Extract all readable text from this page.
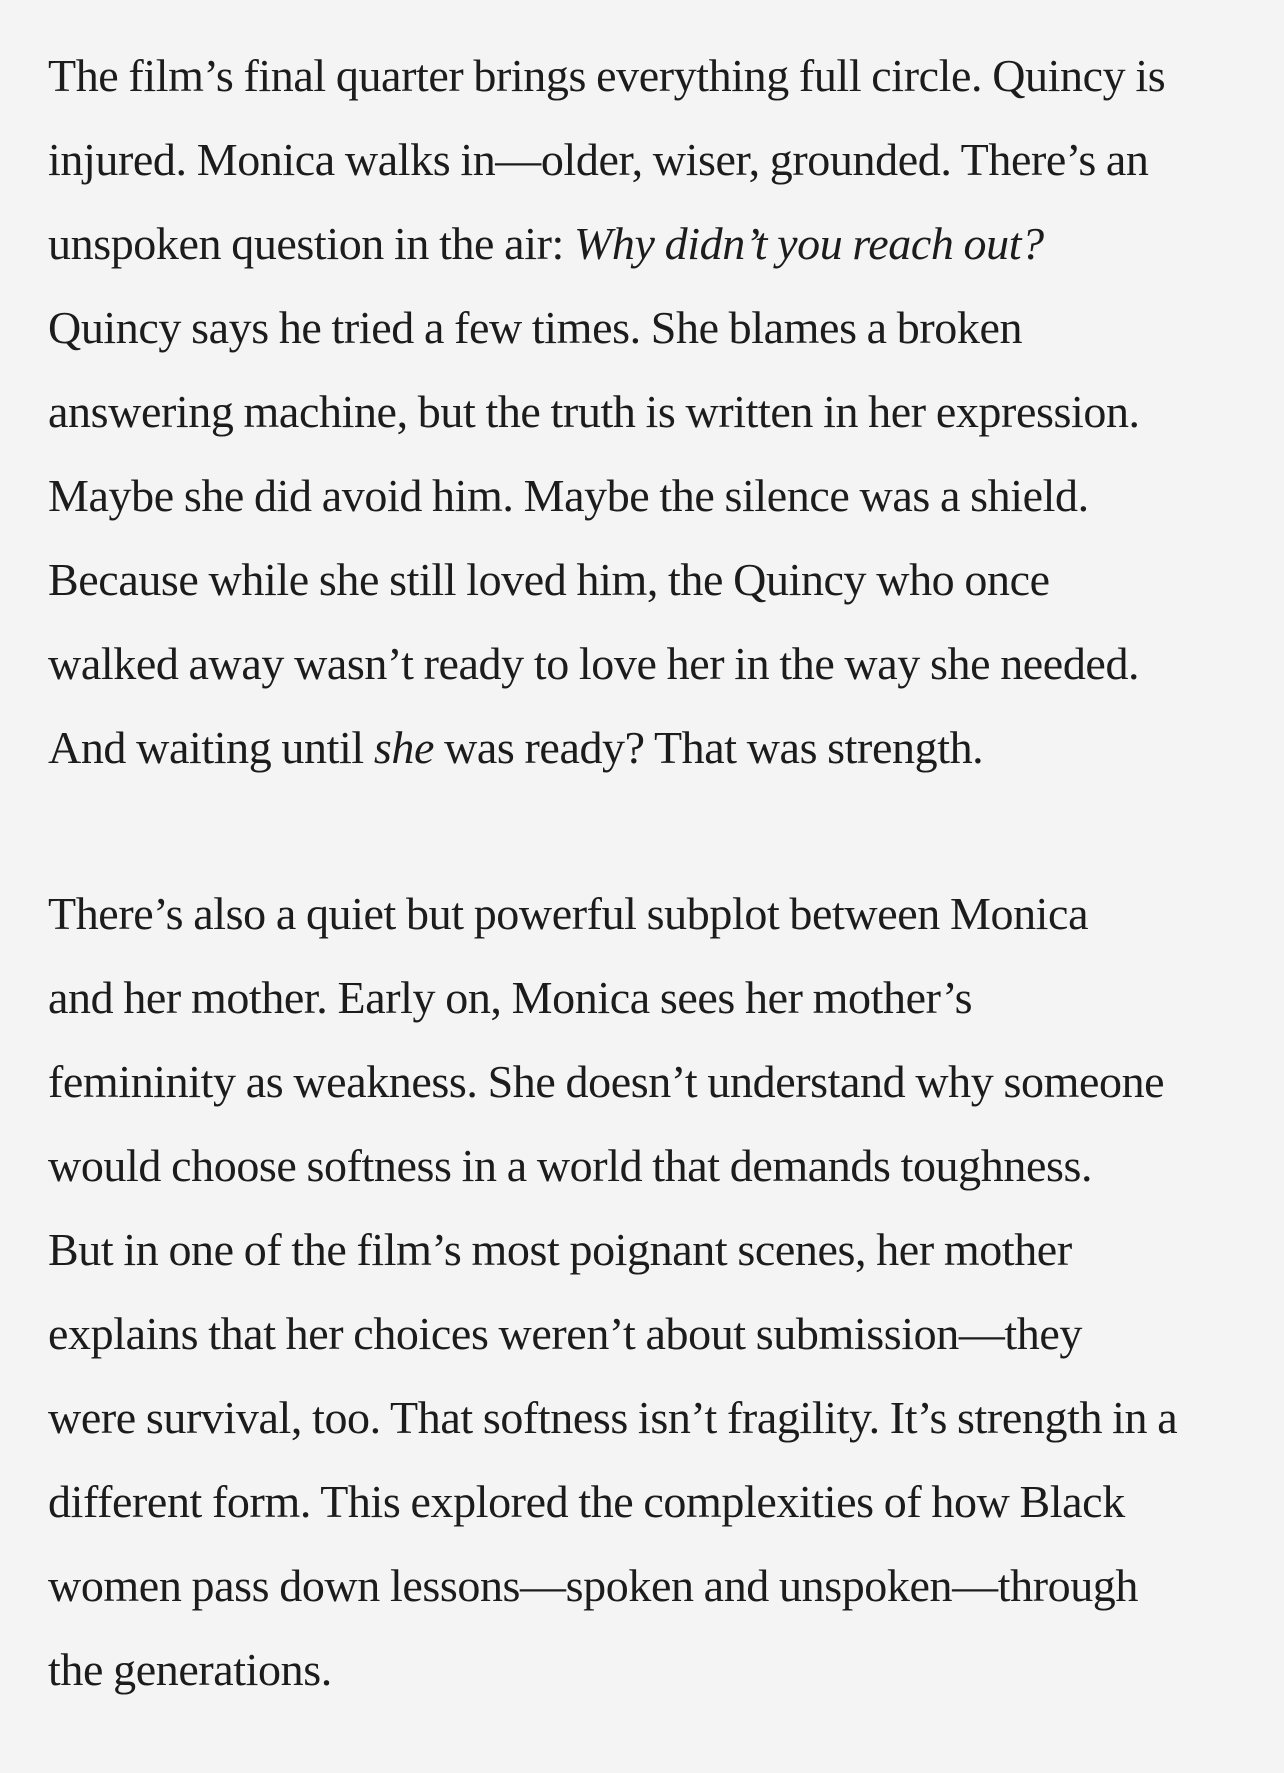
The film’s final quarter brings everything full circle. Quincy is
injured. Monica walks in—older, wiser, grounded. There’s an
unspoken question in the air: Why didn’t you reach out?
Quincy says he tried a few times. She blames a broken
answering machine, but the truth is written in her expression.
Maybe she did avoid him. Maybe the silence was a shield.
Because while she still loved him, the Quincy who once
walked away wasn’t ready to love her in the way she needed.
And waiting until she was ready? That was strength.

There’s also a quiet but powerful subplot between Monica
and her mother. Early on, Monica sees her mother’s
femininity as weakness. She doesn’t understand why someone
would choose softness in a world that demands toughness.
But in one of the film’s most poignant scenes, her mother
explains that her choices weren’t about submission—they
were survival, too. That softness isn’t fragility. It’s strength in a
different form. This explored the complexities of how Black
women pass down lessons—spoken and unspoken—through
the generations.
